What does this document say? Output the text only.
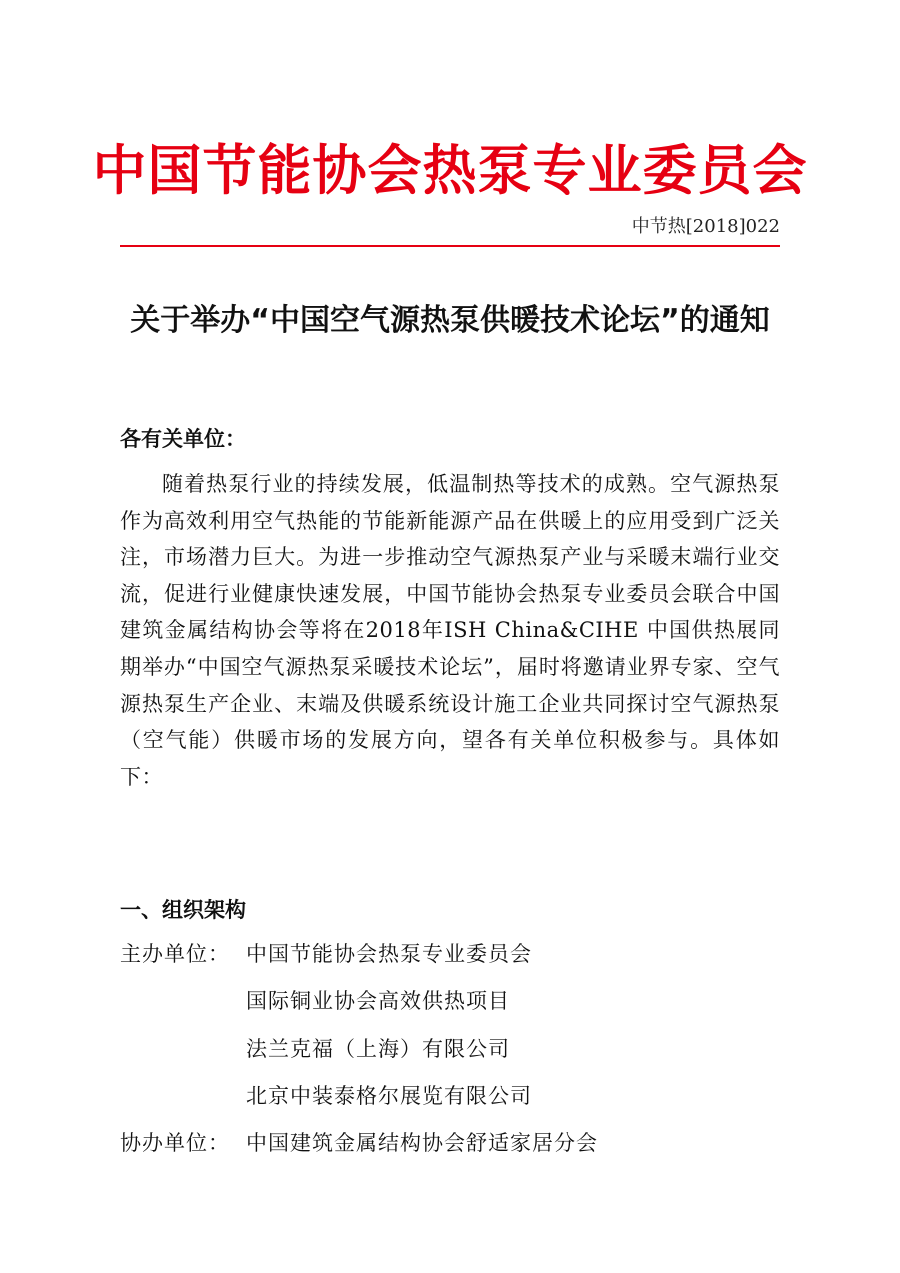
中国节能协会热泵专业委员会
中节热[2018]022
关于举办“中国空气源热泵供暖技术论坛”的通知
各有关单位：
随着热泵行业的持续发展，低温制热等技术的成熟。空气源热泵作为高效利用空气热能的节能新能源产品在供暖上的应用受到广泛关注，市场潜力巨大。为进一步推动空气源热泵产业与采暖末端行业交流，促进行业健康快速发展，中国节能协会热泵专业委员会联合中国建筑金属结构协会等将在2018年ISH China&CIHE 中国供热展同期举办“中国空气源热泵采暖技术论坛”，届时将邀请业界专家、空气源热泵生产企业、末端及供暖系统设计施工企业共同探讨空气源热泵（空气能）供暖市场的发展方向，望各有关单位积极参与。具体如下：
一、组织架构
主办单位： 中国节能协会热泵专业委员会
国际铜业协会高效供热项目
法兰克福（上海）有限公司
北京中装泰格尔展览有限公司
协办单位： 中国建筑金属结构协会舒适家居分会
